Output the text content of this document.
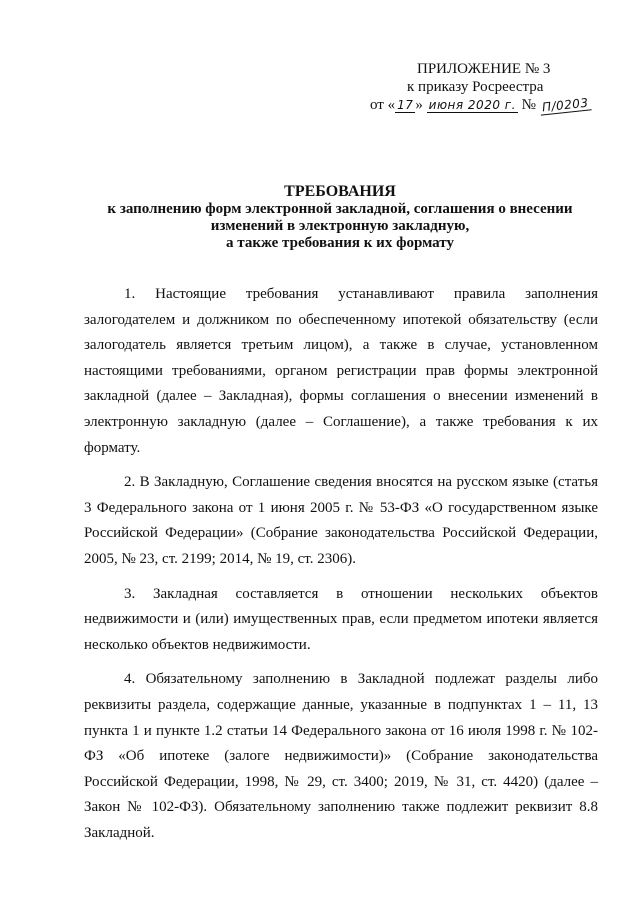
ПРИЛОЖЕНИЕ № 3
к приказу Росреестра
от « 17 » июня 2020 г. № П/0203
ТРЕБОВАНИЯ
к заполнению форм электронной закладной, соглашения о внесении
изменений в электронную закладную,
а также требования к их формату

1. Настоящие требования устанавливают правила заполнения залогодателем и должником по обеспеченному ипотекой обязательству (если залогодатель является третьим лицом), а также в случае, установленном настоящими требованиями, органом регистрации прав формы электронной закладной (далее – Закладная), формы соглашения о внесении изменений в электронную закладную (далее – Соглашение), а также требования к их формату.

2. В Закладную, Соглашение сведения вносятся на русском языке (статья 3 Федерального закона от 1 июня 2005 г. № 53-ФЗ «О государственном языке Российской Федерации» (Собрание законодательства Российской Федерации, 2005, № 23, ст. 2199; 2014, № 19, ст. 2306).

3. Закладная составляется в отношении нескольких объектов недвижимости и (или) имущественных прав, если предметом ипотеки является несколько объектов недвижимости.

4. Обязательному заполнению в Закладной подлежат разделы либо реквизиты раздела, содержащие данные, указанные в подпунктах 1 – 11, 13 пункта 1 и пункте 1.2 статьи 14 Федерального закона от 16 июля 1998 г. № 102-ФЗ «Об ипотеке (залоге недвижимости)» (Собрание законодательства Российской Федерации, 1998, № 29, ст. 3400; 2019, № 31, ст. 4420) (далее – Закон № 102-ФЗ). Обязательному заполнению также подлежит реквизит 8.8 Закладной.
